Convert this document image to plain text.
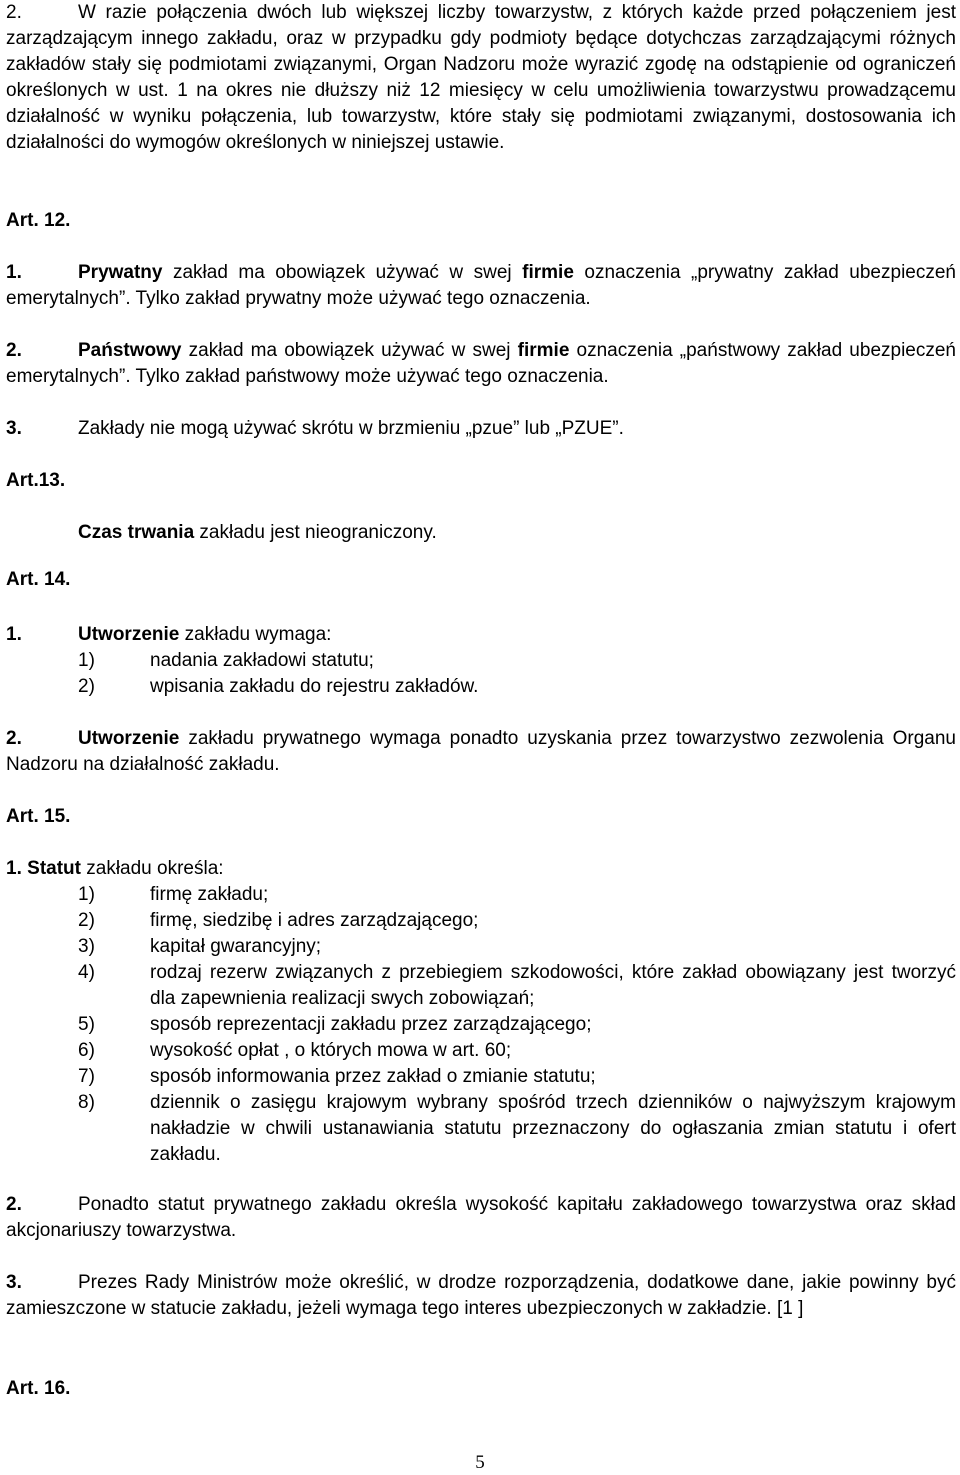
2.	W razie połączenia dwóch lub większej liczby towarzystw, z których każde przed połączeniem jest zarządzającym innego zakładu, oraz w przypadku gdy podmioty będące dotychczas zarządzającymi różnych zakładów stały się podmiotami związanymi, Organ Nadzoru może wyrazić zgodę na odstąpienie od ograniczeń określonych w ust. 1 na okres nie dłuższy niż 12 miesięcy w celu umożliwienia towarzystwu prowadzącemu działalność w wyniku połączenia, lub towarzystw, które stały się podmiotami związanymi, dostosowania ich działalności do wymogów określonych w niniejszej ustawie.

Art. 12.

1.	Prywatny zakład ma obowiązek używać w swej firmie oznaczenia „prywatny zakład ubezpieczeń emerytalnych”. Tylko zakład prywatny może używać tego oznaczenia.

2.	Państwowy zakład ma obowiązek używać w swej firmie oznaczenia „państwowy zakład ubezpieczeń emerytalnych”. Tylko zakład państwowy może używać tego oznaczenia.

3.	Zakłady nie mogą używać skrótu w brzmieniu „pzue” lub „PZUE”.

Art.13.
Czas trwania zakładu jest nieograniczony.
Art. 14.

1.	Utworzenie zakładu wymaga:

1)	nadania zakładowi statutu;
2)	wpisania zakładu do rejestru zakładów.

2.	Utworzenie zakładu prywatnego wymaga ponadto uzyskania przez towarzystwo zezwolenia Organu Nadzoru na działalność zakładu.

Art. 15.

1. Statut zakładu określa:

1)	firmę zakładu;
2)	firmę, siedzibę i adres zarządzającego;
3)	kapitał gwarancyjny;
4)	rodzaj rezerw związanych z przebiegiem szkodowości, które zakład obowiązany jest tworzyć dla zapewnienia realizacji swych zobowiązań;
5)	sposób reprezentacji zakładu przez zarządzającego;
6)	wysokość opłat , o których mowa w art. 60;
7)	sposób informowania przez zakład o zmianie statutu;
8)	dziennik o zasięgu krajowym wybrany spośród trzech dzienników o najwyższym krajowym nakładzie w chwili ustanawiania statutu przeznaczony do ogłaszania zmian statutu i ofert zakładu.

2.	Ponadto statut prywatnego zakładu określa wysokość kapitału zakładowego towarzystwa oraz skład akcjonariuszy towarzystwa.

3.	Prezes Rady Ministrów może określić, w drodze rozporządzenia, dodatkowe dane, jakie powinny być zamieszczone w statucie zakładu, jeżeli wymaga tego interes ubezpieczonych w zakładzie. [1 ]

Art. 16.
5
